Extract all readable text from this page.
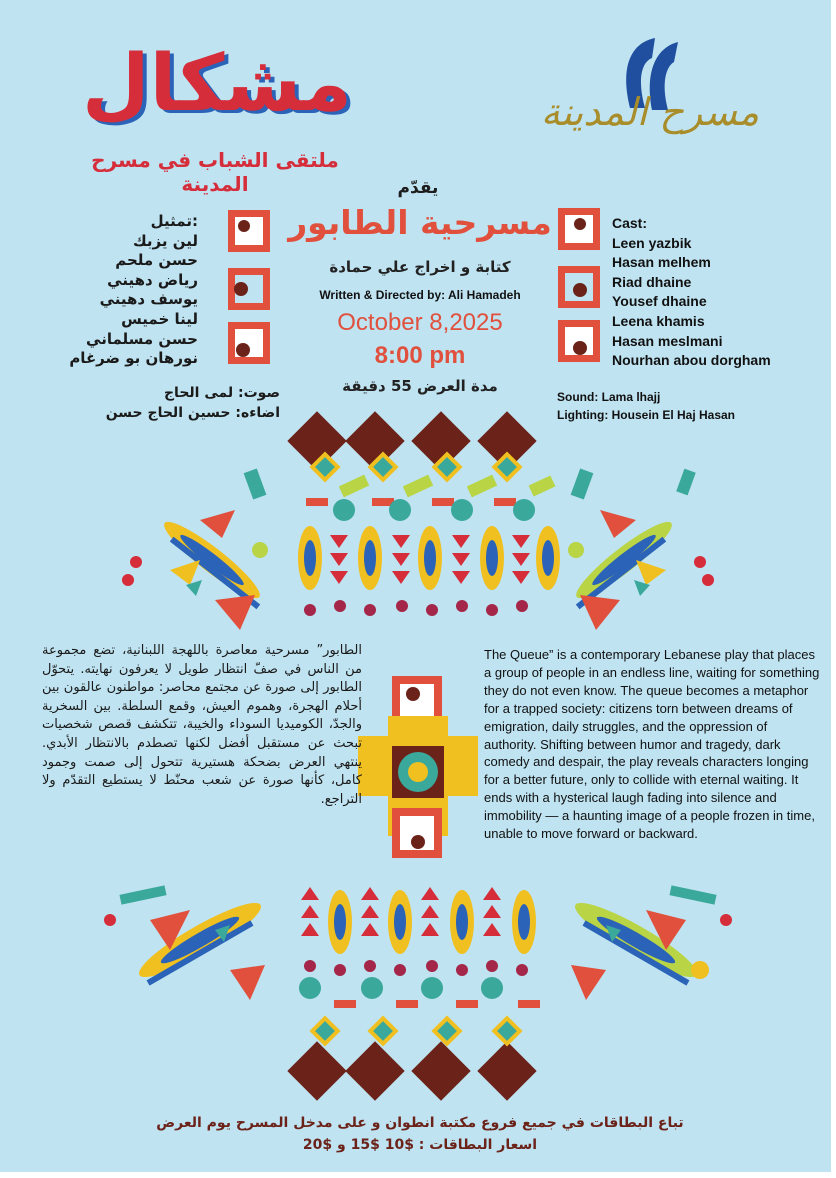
مشكال
ملتقى الشباب في مسرح المدينة
مسرح المدينة
يقدّم
مسرحية الطابور
كتابة و اخراج علي حمادة
Written & Directed by: Ali Hamadeh
October 8,2025
8:00 pm
مدة العرض 55 دقيقة
:تمثيل
لين يزبك
حسن ملحم
رياض دهيني
يوسف دهيني
لينا خميس
حسن مسلماني
نورهان بو ضرغام
Cast:
Leen yazbik
Hasan melhem
Riad dhaine
Yousef dhaine
Leena khamis
Hasan meslmani
Nourhan abou dorgham
صوت: لمى الحاج
اضاءه: حسين الحاج حسن
Sound: Lama lhajj
Lighting: Housein El Haj Hasan
الطابور” مسرحية معاصرة باللهجة اللبنانية، تضع مجموعة من الناس في صفّ انتظار طويل لا يعرفون نهايته. يتحوّل الطابور إلى صورة عن مجتمع محاصر: مواطنون عالقون بين أحلام الهجرة، وهموم العيش، وقمع السلطة. بين السخرية والجدّ، الكوميديا السوداء والخيبة، تتكشف قصص شخصيات تبحث عن مستقبل أفضل لكنها تصطدم بالانتظار الأبدي. ينتهي العرض بضحكة هستيرية تتحول إلى صمت وجمود كامل، كأنها صورة عن شعب محنّط لا يستطيع التقدّم ولا التراجع.
The Queue” is a contemporary Lebanese play that places a group of people in an endless line, waiting for something they do not even know. The queue becomes a metaphor for a trapped society: citizens torn between dreams of emigration, daily struggles, and the oppression of authority. Shifting between humor and tragedy, dark comedy and despair, the play reveals characters longing for a better future, only to collide with eternal waiting. It ends with a hysterical laugh fading into silence and immobility — a haunting image of a people frozen in time, unable to move forward or backward.
تباع البطاقات في جميع فروع مكتبة انطوان و على مدخل المسرح يوم العرض
اسعار البطاقات : $10 $15 و $20
